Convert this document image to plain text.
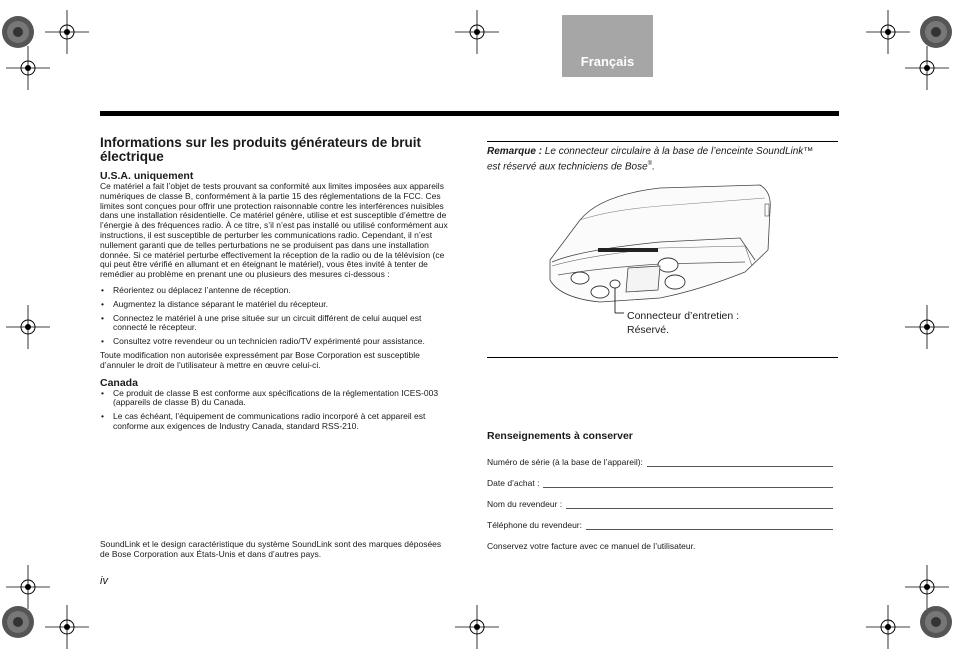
Français
Informations sur les produits générateurs de bruit électrique
U.S.A. uniquement
Ce matériel a fait l’objet de tests prouvant sa conformité aux limites imposées aux appareils numériques de classe B, conformément à la partie 15 des réglementations de la FCC. Ces limites sont conçues pour offrir une protection raisonnable contre les interférences nuisibles dans une installation résidentielle. Ce matériel génère, utilise et est susceptible d’émettre de l’énergie à des fréquences radio. À ce titre, s’il n’est pas installé ou utilisé conformément aux instructions, il est susceptible de perturber les communications radio. Cependant, il n’est nullement garanti que de telles perturbations ne se produisent pas dans une installation donnée. Si ce matériel perturbe effectivement la réception de la radio ou de la télévision (ce qui peut être vérifié en allumant et en éteignant le matériel), vous êtes invité à tenter de remédier au problème en prenant une ou plusieurs des mesures ci-dessous :
• Réorientez ou déplacez l’antenne de réception.
• Augmentez la distance séparant le matériel du récepteur.
• Connectez le matériel à une prise située sur un circuit différent de celui auquel est connecté le récepteur.
• Consultez votre revendeur ou un technicien radio/TV expérimenté pour assistance.
Toute modification non autorisée expressément par Bose Corporation est susceptible d’annuler le droit de l’utilisateur à mettre en œuvre celui-ci.
Canada
• Ce produit de classe B est conforme aux spécifications de la réglementation ICES-003 (appareils de classe B) du Canada.
• Le cas échéant, l’équipement de communications radio incorporé à cet appareil est conforme aux exigences de Industry Canada, standard RSS-210.
SoundLink et le design caractéristique du système SoundLink sont des marques déposées de Bose Corporation aux États-Unis et dans d’autres pays.
iv
Remarque : Le connecteur circulaire à la base de l’enceinte SoundLink™ est réservé aux techniciens de Bose®.
Connecteur d’entretien :
Réservé.
Renseignements à conserver
Numéro de série (à la base de l’appareil):
Date d’achat :
Nom du revendeur :
Téléphone du revendeur:
Conservez votre facture avec ce manuel de l’utilisateur.
